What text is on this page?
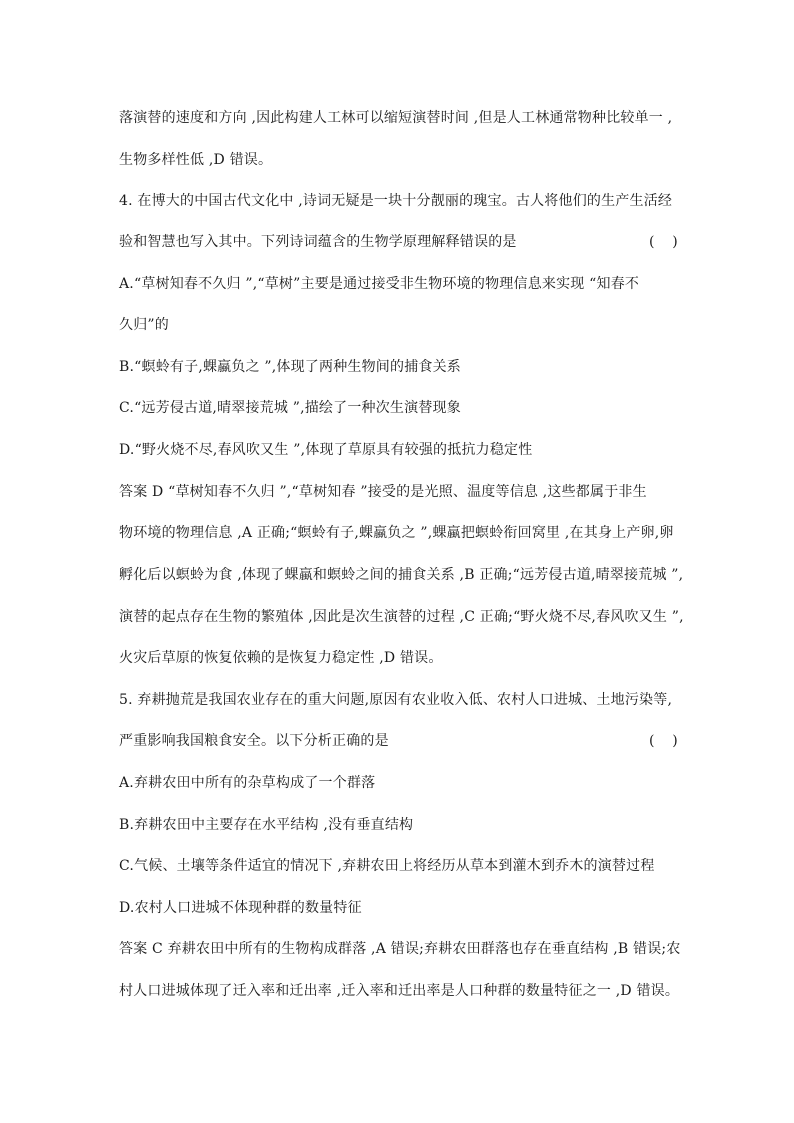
落演替的速度和方向 ,因此构建人工林可以缩短演替时间 ,但是人工林通常物种比较单一 ,
生物多样性低 ,D 错误。
4. 在博大的中国古代文化中 ,诗词无疑是一块十分靓丽的瑰宝。古人将他们的生产生活经
验和智慧也写入其中。下列诗词蕴含的生物学原理解释错误的是	(    )
A.“草树知春不久归 ”,“草树”主要是通过接受非生物环境的物理信息来实现 “知春不
久归”的
B.“螟蛉有子,蜾蠃负之 ”,体现了两种生物间的捕食关系
C.“远芳侵古道,晴翠接荒城 ”,描绘了一种次生演替现象
D.“野火烧不尽,春风吹又生 ”,体现了草原具有较强的抵抗力稳定性
答案 D “草树知春不久归 ”,“草树知春 ”接受的是光照、温度等信息 ,这些都属于非生
物环境的物理信息 ,A 正确;“螟蛉有子,蜾蠃负之 ”,蜾蠃把螟蛉衔回窝里 ,在其身上产卵,卵
孵化后以螟蛉为食 ,体现了蜾蠃和螟蛉之间的捕食关系 ,B 正确;“远芳侵古道,晴翠接荒城 ”,
演替的起点存在生物的繁殖体 ,因此是次生演替的过程 ,C 正确;“野火烧不尽,春风吹又生 ”,
火灾后草原的恢复依赖的是恢复力稳定性 ,D 错误。
5. 弃耕抛荒是我国农业存在的重大问题,原因有农业收入低、农村人口进城、土地污染等,
严重影响我国粮食安全。以下分析正确的是	(    )
A.弃耕农田中所有的杂草构成了一个群落
B.弃耕农田中主要存在水平结构 ,没有垂直结构
C.气候、土壤等条件适宜的情况下 ,弃耕农田上将经历从草本到灌木到乔木的演替过程
D.农村人口进城不体现种群的数量特征
答案 C 弃耕农田中所有的生物构成群落 ,A 错误;弃耕农田群落也存在垂直结构 ,B 错误;农
村人口进城体现了迁入率和迁出率 ,迁入率和迁出率是人口种群的数量特征之一 ,D 错误。
